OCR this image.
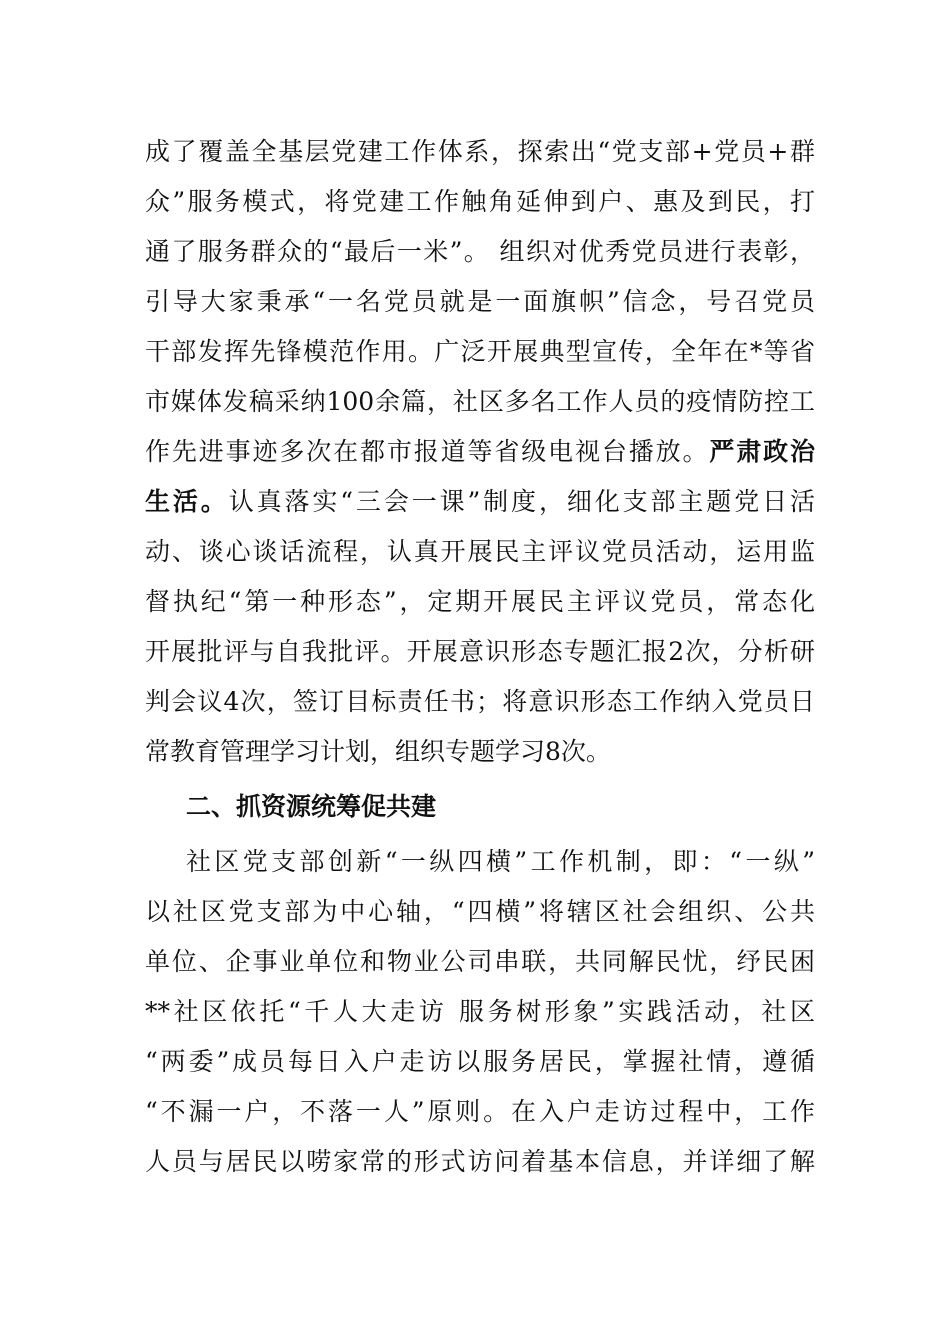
成了覆盖全基层党建工作体系，探索出“党支部+党员+群
众”服务模式，将党建工作触角延伸到户、惠及到民，打
通了服务群众的“最后一米”。 组织对优秀党员进行表彰，
引导大家秉承“一名党员就是一面旗帜”信念，号召党员
干部发挥先锋模范作用。广泛开展典型宣传，全年在*等省
市媒体发稿采纳100余篇，社区多名工作人员的疫情防控工
作先进事迹多次在都市报道等省级电视台播放。严肃政治
生活。认真落实“三会一课”制度，细化支部主题党日活
动、谈心谈话流程，认真开展民主评议党员活动，运用监
督执纪“第一种形态”，定期开展民主评议党员，常态化
开展批评与自我批评。开展意识形态专题汇报2次，分析研
判会议4次，签订目标责任书；将意识形态工作纳入党员日
常教育管理学习计划，组织专题学习8次。
二、抓资源统筹促共建
社区党支部创新“一纵四横”工作机制，即：“一纵”
以社区党支部为中心轴，“四横”将辖区社会组织、公共
单位、企事业单位和物业公司串联，共同解民忧，纾民困
**社区依托“千人大走访 服务树形象”实践活动，社区
“两委”成员每日入户走访以服务居民，掌握社情，遵循
“不漏一户，不落一人”原则。在入户走访过程中，工作
人员与居民以唠家常的形式访问着基本信息，并详细了解
